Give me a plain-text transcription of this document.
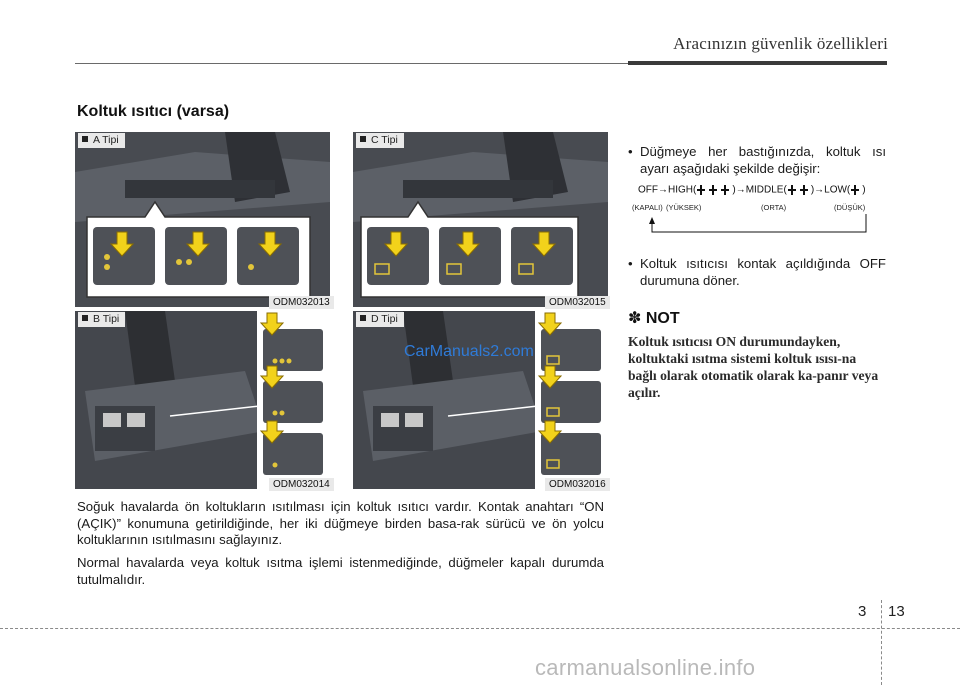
Aracınızın güvenlik özellikleri
Koltuk ısıtıcı (varsa)
A Tipi
ODM032013
C Tipi
ODM032015
B Tipi
ODM032014
D Tipi
ODM032016
CarManuals2.com
Soğuk havalarda ön koltukların ısıtılması için koltuk ısıtıcı vardır. Kontak anahtarı “ON (AÇIK)” konumuna getirildiğinde, her iki düğmeye birden basa-rak sürücü ve ön yolcu koltuklarının ısıtılmasını sağlayınız.
Normal havalarda veya koltuk ısıtma işlemi istenmediğinde, düğmeler kapalı durumda tutulmalıdır.
• Düğmeye her bastığınızda, koltuk ısı ayarı aşağıdaki şekilde değişir:
OFF→HIGH(	)→MIDDLE( )→LOW( )
(KAPALI) (YÜKSEK)	(ORTA)	(DÜŞÜK)
• Koltuk ısıtıcısı kontak açıldığında OFF durumuna döner.
✽ NOT
Koltuk ısıtıcısı ON durumundayken, koltuktaki ısıtma sistemi koltuk ısısı-na bağlı olarak otomatik olarak ka-panır veya açılır.
3 13
carmanualsonline.info
